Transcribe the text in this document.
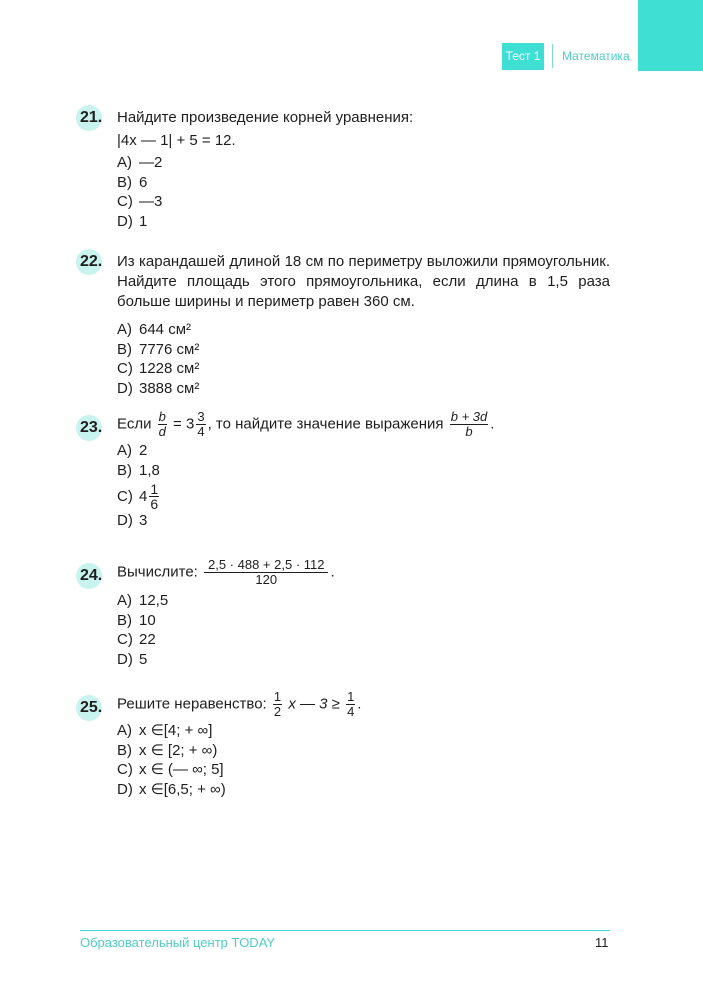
Тест 1 Математика
21. Найдите произведение корней уравнения:
|4x — 1| + 5 = 12.
A) —2
B) 6
C) —3
D) 1
22. Из карандашей длиной 18 см по периметру выложили прямоугольник. Найдите площадь этого прямоугольника, если длина в 1,5 раза больше ширины и периметр равен 360 см.
A) 644 см²
B) 7776 см²
C) 1228 см²
D) 3888 см²
23. Если $\frac{b}{d} = 3 \frac{3}{4}$ , то найдите значение выражения $\frac{b + 3d}{b}$ .
A) 2
B) 1,8
C) $4 \frac{1}{6}$
D) 3
24. Вычислите: $\frac{2,5 \cdot 488 + 2,5 \cdot 112}{120}$ .
A) 12,5
B) 10
C) 22
D) 5
25. Решите неравенство: $\frac{1}{2}$ x — $3 \ge \frac{1}{4}$ .
A) x ∈[4; + ∞]
B) x ∈ [2; + ∞)
C) x ∈ (— ∞; 5]
D) x ∈[6,5; + ∞)
Образовательный центр TODAY	11
